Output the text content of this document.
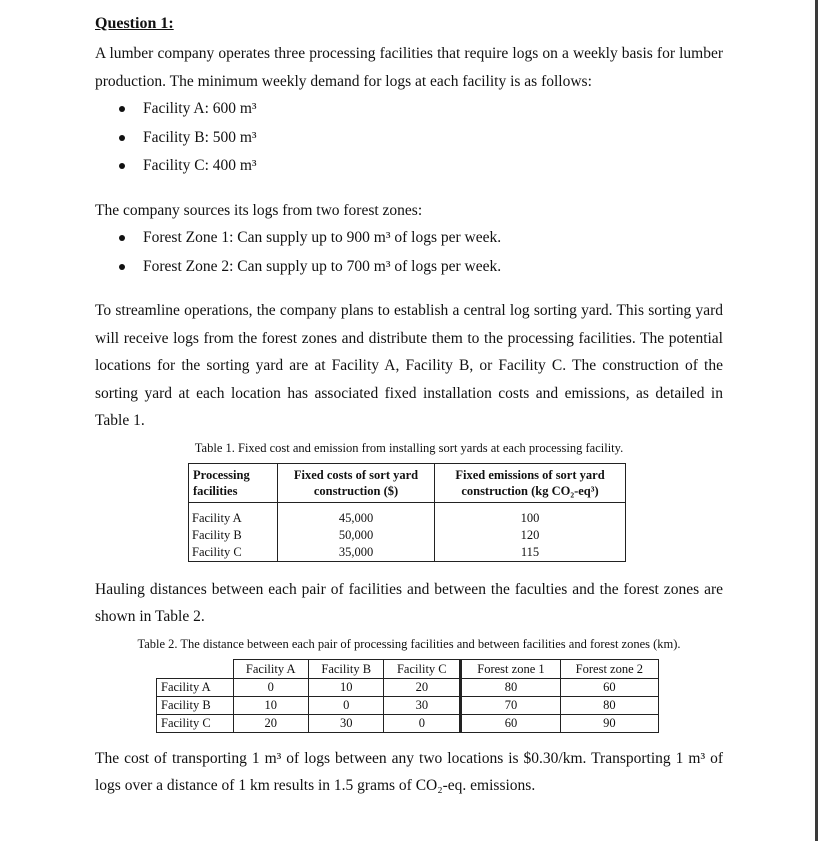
Question 1:

A lumber company operates three processing facilities that require logs on a weekly basis for lumber production. The minimum weekly demand for logs at each facility is as follows:

Facility A: 600 m³
Facility B: 500 m³
Facility C: 400 m³

The company sources its logs from two forest zones:

Forest Zone 1: Can supply up to 900 m³ of logs per week.
Forest Zone 2: Can supply up to 700 m³ of logs per week.

To streamline operations, the company plans to establish a central log sorting yard. This sorting yard will receive logs from the forest zones and distribute them to the processing facilities. The potential locations for the sorting yard are at Facility A, Facility B, or Facility C. The construction of the sorting yard at each location has associated fixed installation costs and emissions, as detailed in Table 1.

Table 1. Fixed cost and emission from installing sort yards at each processing facility.

Processing facilities	Fixed costs of sort yard construction ($)	Fixed emissions of sort yard construction (kg CO₂-eq³)

Facility A	45,000	100
Facility B	50,000	120
Facility C	35,000	115

Hauling distances between each pair of facilities and between the faculties and the forest zones are shown in Table 2.

Table 2. The distance between each pair of processing facilities and between facilities and forest zones (km).

	Facility A	Facility B	Facility C	Forest zone 1	Forest zone 2
Facility A	0	10	20	80	60
Facility B	10	0	30	70	80
Facility C	20	30	0	60	90

The cost of transporting 1 m³ of logs between any two locations is $0.30/km. Transporting 1 m³ of logs over a distance of 1 km results in 1.5 grams of CO₂-eq. emissions.
